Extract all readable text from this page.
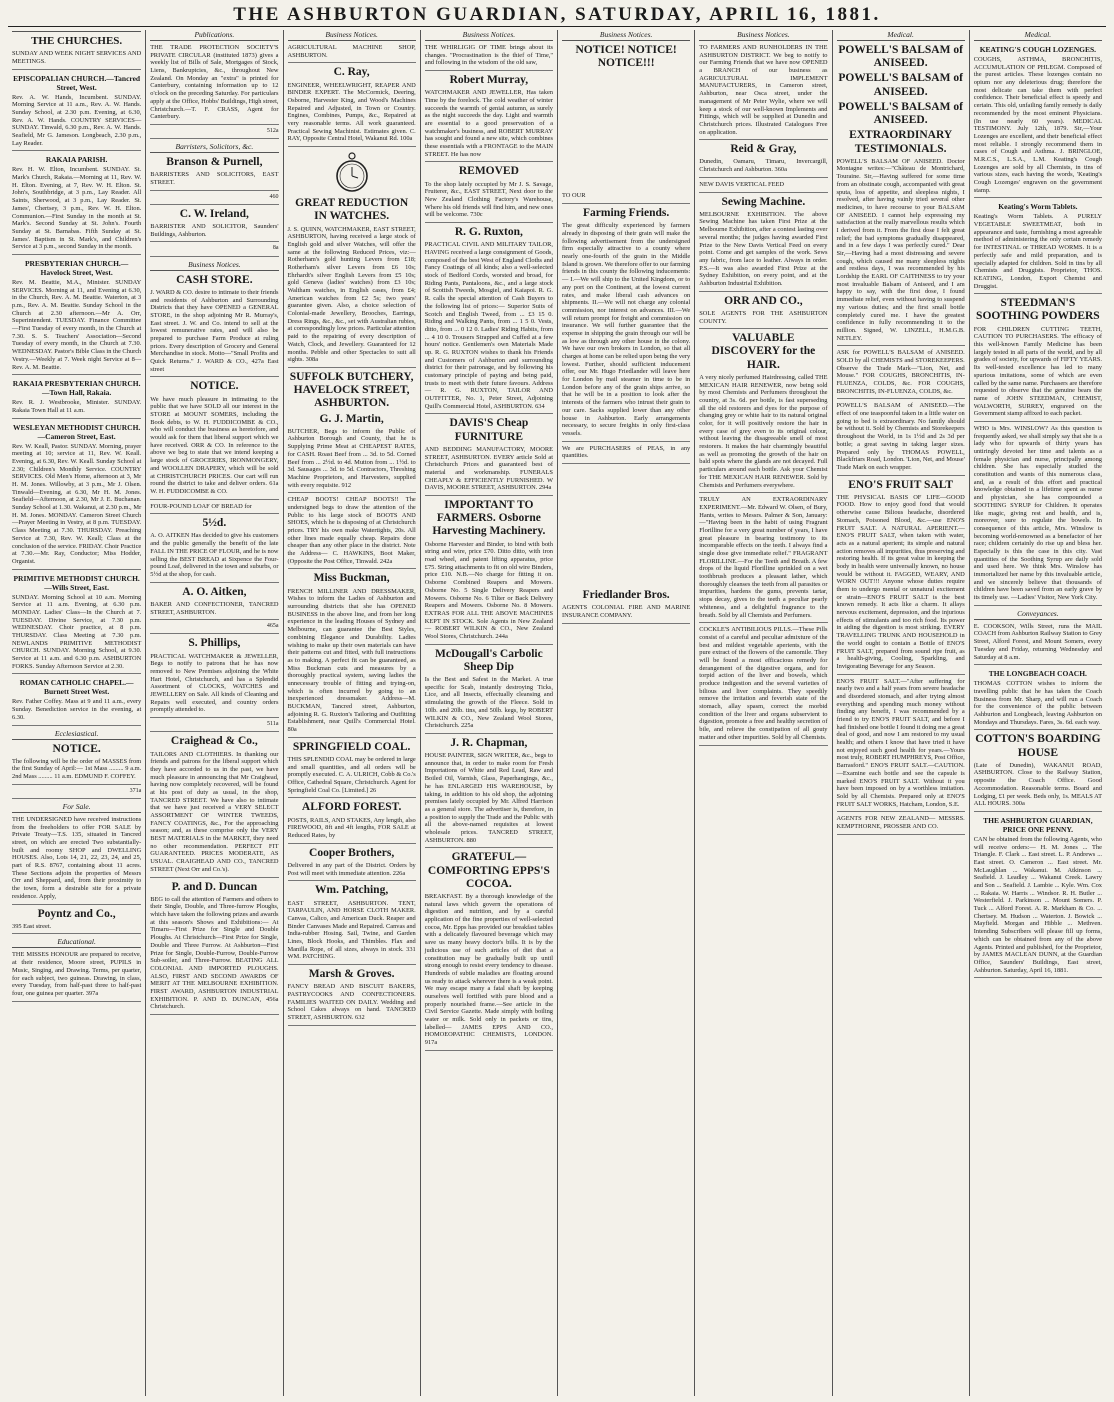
THE ASHBURTON GUARDIAN, SATURDAY, APRIL 16, 1881.
THE CHURCHES.
SUNDAY AND WEEK NIGHT SERVICES AND MEETINGS.
EPISCOPALIAN CHURCH.—Tancred Street, West.
Rev. A. W. Hands, Incumbent. SUNDAY. Morning Service at 11 a.m., Rev. A. W. Hands. Sunday School, at 2.30 p.m. Evening, at 6.30, Rev. A. W. Hands. COUNTRY SERVICES—SUNDAY. Tinwald, 6.30 p.m., Rev. A. W. Hands. Seafield, Mr G. Jameson. Longbeach, 2.30 p.m., Lay Reader.
RAKAIA PARISH.
Rev. H. W. Elton, Incumbent. SUNDAY. St. Mark's Church, Rakaia.—Morning at 11, Rev. W. H. Elton. Evening, at 7, Rev. W. H. Elton. St. John's, Southbridge, at 3 p.m., Lay Reader. All Saints, Sherwood, at 3 p.m., Lay Reader. St. James', Chertsey, 3 p.m., Rev. W. H. Elton. Communion.—First Sunday in the month at St. Mark's. Second Sunday at St. John's. Fourth Sunday at St. Barnabas. Fifth Sunday at St. James'. Baptism in St. Mark's, and Children's Service at 3 p.m., second Sunday in the month.
PRESBYTERIAN CHURCH.—Havelock Street, West.
Rev. M. Beattie, M.A., Minister. SUNDAY SERVICES. Morning at 11, and Evening at 6.30, in the Church, Rev. A. M. Beattie. Waterton, at 3 p.m., Rev. A. M. Beattie. Sunday School in the Church at 2.30 afternoon.—Mr A. Orr, Superintendent. TUESDAY. Finance Committee—First Tuesday of every month, in the Church at 7.30. S. S. Teachers' Association—Second Tuesday of every month, in the Church at 7.30. WEDNESDAY. Pastor's Bible Class in the Church Vestry.—Weekly at 7. Week night Service at 8—Rev. A. M. Beattie.
RAKAIA PRESBYTERIAN CHURCH.—Town Hall, Rakaia.
Rev. R. J. Westbrooke, Minister. SUNDAY. Rakaia Town Hall at 11 a.m.
WESLEYAN METHODIST CHURCH.—Cameron Street, East.
Rev. W. Keall, Pastor. SUNDAY. Morning, prayer meeting at 10; service at 11, Rev. W. Keall. Evening, at 6.30, Rev. W. Keall. Sunday School at 2.30; Children's Monthly Service. COUNTRY SERVICES. Old Men's Home, afternoon at 3, Mr H. M. Jones. Willowby, at 3 p.m., Mr J. Olsen. Tinwald—Evening, at 6.30, Mr H. M. Jones. Seafield—Afternoon, at 2.30, Mr J. E. Buchanan. Sunday School at 1.30. Wakanui, at 2.30 p.m., Mr H. M. Jones. MONDAY. Cameron Street Church—Prayer Meeting in Vestry, at 8 p.m. TUESDAY. Class Meeting at 7.30. THURSDAY. Preaching Service at 7.30, Rev. W. Keall; Class at the conclusion of the service. FRIDAY. Choir Practice at 7.30.—Mr. Ray, Conductor; Miss Hodder, Organist.
PRIMITIVE METHODIST CHURCH.—Wills Street, East.
SUNDAY. Morning School at 10 a.m. Morning Service at 11 a.m. Evening, at 6.30 p.m. MONDAY. Ladies' Class—In the Church at 7. TUESDAY. Divine Service, at 7.30 p.m. WEDNESDAY. Choir practice, at 8 p.m. THURSDAY. Class Meeting at 7.30 p.m. NEWLANDS PRIMITIVE METHODIST CHURCH. SUNDAY. Morning School, at 9.30. Service at 11 a.m. and 6.30 p.m. ASHBURTON FORKS. Sunday Afternoon Service at 2.30.
ROMAN CATHOLIC CHAPEL.—Burnett Street West.
Rev. Father Coffey. Mass at 9 and 11 a.m., every Sunday. Benediction service in the evening, at 6.30.
Ecclesiastical.
NOTICE.
The following will be the order of MASSES from the first Sunday of April:— 1st Mass ......... 9 a.m. 2nd Mass ......... 11 a.m. EDMUND F. COFFEY.
371a
For Sale.
THE UNDERSIGNED have received instructions from the freeholders to offer FOR SALE by Private Treaty—T.S. 135, situated in Tancred street, on which are erected Two substantially-built and roomy SHOP and DWELLING HOUSES. Also, Lots 14, 21, 22, 23, 24, and 25, part of R.S. 8767, containing about 11 acres. These Sections adjoin the properties of Messrs Orr and Sheppard, and, from their proximity to the town, form a desirable site for a private residence. Apply,
Poyntz and Co.,
395 East street.
Educational.
THE MISSES HONOUR are prepared to receive, at their residence, Moore street, PUPILS in Music, Singing, and Drawing. Terms, per quarter, for each subject, two guineas. Drawing, in class, every Tuesday, from half-past three to half-past four, one guinea per quarter. 397a
Publications.
THE TRADE PROTECTION SOCIETY'S PRIVATE CIRCULAR (instituted 1873) gives a weekly list of Bills of Sale, Mortgages of Stock, Liens, Bankruptcies, &c., throughout New Zealand. On Monday an "extra" is printed for Canterbury, containing information up to 12 o'clock on the preceding Saturday. For particulars apply at the Office, Hobbs' Buildings, High street, Christchurch.—T. F. CRASS, Agent for Canterbury.
512a
Barristers, Solicitors, &c.
Branson & Purnell,
BARRISTERS AND SOLICITORS, EAST STREET.
460
C. W. Ireland,
BARRISTER AND SOLICITOR, Saunders' Buildings, Ashburton.
8a
Business Notices.
CASH STORE.
J. WARD & CO. desire to intimate to their friends and residents of Ashburton and Surrounding Districts that they have OPENED a GENERAL STORE, in the shop adjoining Mr R. Murray's, East street. J. W. and Co. intend to sell at the lowest remunerative rates, and will also be prepared to purchase Farm Produce at ruling prices. Every description of Grocery and General Merchandise in stock. Motto—"Small Profits and Quick Returns." J. WARD & CO., 427a East street
NOTICE.
We have much pleasure in intimating to the public that we have SOLD all our interest in the STORE at MOUNT SOMERS, including the Book debts, to W. H. FUDDICOMBE & CO., who will conduct the business as heretofore, and would ask for them that liberal support which we have received. ORR & CO. In reference to the above we beg to state that we intend keeping a large stock of GROCERIES, IRONMONGERY, and WOOLLEN DRAPERY, which will be sold at CHRISTCHURCH PRICES. Our cart will run round the district to take and deliver orders. 61a W. H. FUDDICOMBE & CO.
FOUR-POUND LOAF OF BREAD for
5½d.
A. O. AITKEN Has decided to give his customers and the public generally the benefit of the late FALL IN THE PRICE OF FLOUR, and he is now selling the BEST BREAD at Sixpence the Four-pound Loaf, delivered in the town and suburbs, or 5½d at the shop, for cash.
A. O. Aitken,
BAKER AND CONFECTIONER, TANCRED STREET, ASHBURTON.
465a
S. Phillips,
PRACTICAL WATCHMAKER & JEWELLER, Begs to notify to patrons that he has now removed to New Premises adjoining the White Hart Hotel, Christchurch, and has a Splendid Assortment of CLOCKS, WATCHES and JEWELLERY on Sale. All kinds of Cleaning and Repairs well executed, and country orders promptly attended to.
511a
Craighead & Co.,
TAILORS AND CLOTHIERS. In thanking our friends and patrons for the liberal support which they have accorded to us in the past, we have much pleasure in announcing that Mr Craighead, having now completely recovered, will be found at his post of duty as usual, in the shop, TANCRED STREET. We have also to intimate that we have just received a VERY SELECT ASSORTMENT OF WINTER TWEEDS, FANCY COATINGS, &c., For the approaching season; and, as these comprise only the VERY BEST MATERIALS in the MARKET, they need no other recommendation. PERFECT FIT GUARANTEED. PRICES MODERATE, AS USUAL. CRAIGHEAD AND CO., TANCRED STREET (Next Orr and Co.'s).
P. and D. Duncan
BEG to call the attention of Farmers and others to their Single, Double, and Three-furrow Ploughs, which have taken the following prizes and awards at this season's Shows and Exhibitions:— At Timaru—First Prize for Single and Double Ploughs. At Christchurch—First Prize for Single, Double and Three Furrow. At Ashburton—First Prize for Single, Double-Furrow, Double-Furrow Sub-soiler, and Three-Furrow. BEATING ALL COLONIAL AND IMPORTED PLOUGHS. ALSO, FIRST AND SECOND AWARDS OF MERIT AT THE MELBOURNE EXHIBITION. FIRST AWARD, ASHBURTON INDUSTRIAL EXHIBITION. P. AND D. DUNCAN, 456a Christchurch.
Business Notices.
AGRICULTURAL MACHINE SHOP, ASHBURTON.
C. Ray,
ENGINEER, WHEELWRIGHT, REAPER AND BINDER EXPERT. The McCormick, Deering, Osborne, Harvester King, and Wood's Machines Repaired and Adjusted, in Town or Country. Engines, Combines, Pumps, &c., Repaired at very reasonable terms. All work guaranteed. Practical Sewing Machinist. Estimates given. C. RAY, Opposite Central Hotel, Wakanui Rd. 100a
GREAT REDUCTION IN WATCHES.
J. S. QUINN, WATCHMAKER, EAST STREET, ASHBURTON, having received a large stock of English gold and silver Watches, will offer the same at the following Reduced Prices, viz:—Rotherham's gold hunting Levers from £18; Rotherham's silver Levers from £6 10s; Ehrhardt's silver English Levers from £5 10s; gold Geneva (ladies' watches) from £3 10s; Waltham watches, in English cases, from £4; American watches from £2 5s; two years' guarantee given. Also, a choice selection of Colonial-made Jewellery, Brooches, Earrings, Dress Rings, &c., &c., set with Australian rubies, at correspondingly low prices. Particular attention paid to the repairing of every description of Watch, Clock, and Jewellery. Guaranteed for 12 months. Pebble and other Spectacles to suit all sights. 308a
SUFFOLK BUTCHERY, HAVELOCK STREET, ASHBURTON.
G. J. Martin,
BUTCHER, Begs to inform the Public of Ashburton Borough and County, that he is Supplying Prime Meat at CHEAPEST RATES, for CASH. Roast Beef from ... 3d. to 5d. Corned Beef from ... 2½d. to 4d. Mutton from ... 1½d. to 3d. Sausages ... 3d. to 5d. Contractors, Threshing Machine Proprietors, and Harvesters, supplied with every requisite. 912
CHEAP BOOTS! CHEAP BOOTS!! The undersigned begs to draw the attention of the Public to his large stock of BOOTS AND SHOES, which he is disposing of at Christchurch prices. TRY his own make Watertights, 20s. All other lines made equally cheap. Repairs done cheaper than any other place in the district. Note the Address— C. HAWKINS, Boot Maker, (Opposite the Post Office, Tinwald. 242a
Miss Buckman,
FRENCH MILLINER AND DRESSMAKER, Wishes to inform the Ladies of Ashburton and surrounding districts that she has OPENED BUSINESS in the above line, and from her long experience in the leading Houses of Sydney and Melbourne, can guarantee the Best Styles, combining Elegance and Durability. Ladies wishing to make up their own materials can have their patterns cut and fitted, with full instructions as to making. A perfect fit can be guaranteed, as Miss Buckman cuts and measures by a thoroughly practical system, saving ladies the unnecessary trouble of fitting and trying-on, which is often incurred by going to an inexperienced dressmaker. Address—M. BUCKMAN, Tancred street, Ashburton, adjoining R. G. Ruxton's Tailoring and Outfitting Establishment, near Quill's Commercial Hotel. 80a
SPRINGFIELD COAL.
THIS SPLENDID COAL may be ordered in large and small quantities, and all orders will be promptly executed. C. A. ULRICH, Cobb & Co.'s Office, Cathedral Square, Christchurch. Agent for Springfield Coal Co. [Limited.] 26
ALFORD FOREST.
POSTS, RAILS, AND STAKES, Any length, also FIREWOOD, 8ft and 4ft lengths, FOR SALE at Reduced Rates, by
Cooper Brothers,
Delivered in any part of the District. Orders by Post will meet with immediate attention. 226a
Wm. Patching,
EAST STREET, ASHBURTON. TENT, TARPAULIN, AND HORSE CLOTH MAKER. Canvas, Calico, and American Duck. Reaper and Binder Canvases Made and Repaired. Canvas and India-rubber Hosing. Sail, Twine, and Garden Lines, Block Hooks, and Thimbles. Flax and Manilla Rope, of all sizes, always in stock. 331 WM. PATCHING.
Marsh & Groves.
FANCY BREAD AND BISCUIT BAKERS, PASTRYCOOKS AND CONFECTIONERS. FAMILIES WAITED ON DAILY. Wedding and School Cakes always on hand. TANCRED STREET, ASHBURTON. 632
Business Notices.
THE WHIRLIGIG OF TIME brings about its changes. "Procrastination is the thief of Time," and following in the wisdom of the old saw,
Robert Murray,
WATCHMAKER AND JEWELLER, Has taken Time by the forelock. The cold weather of winter succeeds the warmth of genial autumn, as surely as the night succeeds the day. Light and warmth are essential to a good preservation of a watchmaker's business, and ROBERT MURRAY has sought and found a new site, which combines these essentials with a FRONTAGE to the MAIN STREET. He has now
REMOVED
To the shop lately occupied by Mr J. S. Savage, Fruiterer, &c., EAST STREET, Next door to the New Zealand Clothing Factory's Warehouse, Where his old friends will find him, and new ones will be welcome. 730c
R. G. Ruxton,
PRACTICAL CIVIL AND MILITARY TAILOR, HAVING received a large consignment of Goods, composed of the best West of England Cloths and Fancy Coatings of all kinds; also a well-selected stock of Bedford Cords, worsted and broad, for Riding Pants, Pantaloons, &c., and a large stock of Scottish Tweeds, Mosgiel, and Kaiapoi. R. G. R. calls the special attention of Cash Buyers to the following list of prices:— Superior Suits of Scotch and English Tweed, from ... £3 15 0. Riding and Walking Pants, from ... 1 5 0. Vests, ditto, from ... 0 12 0. Ladies' Riding Habits, from ... 4 10 0. Trousers Strapped and Cuffed at a few hours' notice. Gentlemen's own Materials Made up. R. G. RUXTON wishes to thank his Friends and Customers of Ashburton and surrounding district for their patronage, and by following his customary principle of paying and being paid, trusts to meet with their future favours. Address— R. G. RUXTON, TAILOR AND OUTFITTER, No. 1, Peter Street, Adjoining Quill's Commercial Hotel, ASHBURTON. 634
DAVIS'S Cheap FURNITURE
AND BEDDING MANUFACTORY, MOORE STREET, ASHBURTON. EVERY article Sold at Christchurch Prices and guaranteed best of material and workmanship. FUNERALS CHEAPLY & EFFICIENTLY FURNISHED. W DAVIS, MOORE STREET, ASHBURTON. 294a
IMPORTANT TO FARMERS. Osborne Harvesting Machinery.
Osborne Harvester and Binder, to bind with both string and wire, price £70. Ditto ditto, with iron road wheel, and patent lifting apparatus, price £75. String attachments to fit on old wire Binders, price £10. N.B.—No charge for fitting it on. Osborne Combined Reapers and Mowers. Osborne No. 5 Single Delivery Reapers and Mowers. Osborne No. 6 Tilter or Back Delivery Reapers and Mowers. Osborne No. 8 Mowers. EXTRAS FOR ALL THE ABOVE MACHINES KEPT IN STOCK. Sole Agents in New Zealand— ROBERT WILKIN & CO., New Zealand Wool Stores, Christchurch. 244a
McDougall's Carbolic Sheep Dip
Is the Best and Safest in the Market. A true specific for Scab, instantly destroying Ticks, Lice, and all Insects, effectually cleansing and stimulating the growth of the Fleece. Sold in 10lb. and 20lb. tins, and 50lb. kegs, by ROBERT WILKIN & CO., New Zealand Wool Stores, Christchurch. 225a
J. R. Chapman,
HOUSE PAINTER, SIGN WRITER, &c., begs to announce that, in order to make room for Fresh Importations of White and Red Lead, Raw and Boiled Oil, Varnish, Glass, Paperhangings, &c., he has ENLARGED HIS WAREHOUSE, by taking, in addition to his old shop, the adjoining premises lately occupied by Mr. Alfred Harrison as a general store. The advertiser is, therefore, in a position to supply the Trade and the Public with all the above-named requisites at lowest wholesale prices. TANCRED STREET, ASHBURTON. 880
GRATEFUL—COMFORTING EPPS'S COCOA.
BREAKFAST. By a thorough knowledge of the natural laws which govern the operations of digestion and nutrition, and by a careful application of the fine properties of well-selected cocoa, Mr. Epps has provided our breakfast tables with a delicately flavoured beverage which may save us many heavy doctor's bills. It is by the judicious use of such articles of diet that a constitution may be gradually built up until strong enough to resist every tendency to disease. Hundreds of subtle maladies are floating around us ready to attack wherever there is a weak point. We may escape many a fatal shaft by keeping ourselves well fortified with pure blood and a properly nourished frame.—See article in the Civil Service Gazette. Made simply with boiling water or milk. Sold only in packets or tins, labelled— JAMES EPPS AND CO., HOMOEOPATHIC CHEMISTS, LONDON. 917a
Business Notices.
NOTICE! NOTICE! NOTICE!!!
TO OUR
Farming Friends.
The great difficulty experienced by farmers already in disposing of their grain will make the following advertisement from the undersigned firm especially attractive to a county where nearly one-fourth of the grain in the Middle Island is grown. We therefore offer to our farming friends in this county the following inducements:— I.—We will ship to the United Kingdom, or to any port on the Continent, at the lowest current rates, and make liberal cash advances on shipments. II.—We will not charge any colonial commission, nor interest on advances. III.—We will return prompt for freight and commission on insurance. We will further guarantee that the expense in shipping the grain through our will be as low as through any other house in the colony. We have our own brokers in London, so that all charges at home can be relied upon being the very lowest. Further, should sufficient inducement offer, our Mr. Hugo Friedlander will leave here for London by mail steamer in time to be in London before any of the grain ships arrive, so that he will be in a position to look after the interests of the farmers who intrust their grain to our care. Sacks supplied lower than any other house in Ashburton. Early arrangements necessary, to secure freights in only first-class vessels.
We are PURCHASERS of PEAS, in any quantities.
Friedlander Bros.
AGENTS COLONIAL FIRE AND MARINE INSURANCE COMPANY.
Business Notices.
TO FARMERS AND RUNHOLDERS IN THE ASHBURTON DISTRICT. We beg to notify to our Farming Friends that we have now OPENED a BRANCH of our business as AGRICULTURAL IMPLEMENT MANUFACTURERS, in Cameron street, Ashburton, near Osca street, under the management of Mr Peter Wylie, where we will keep a stock of our well-known Implements and Fittings, which will be supplied at Dunedin and Christchurch prices. Illustrated Catalogues Free on application.
Reid & Gray,
Dunedin, Oamaru, Timaru, Invercargill, Christchurch and Ashburton. 360a
NEW DAVIS VERTICAL FEED
Sewing Machine.
MELBOURNE EXHIBITION. The above Sewing Machine has taken First Prize at the Melbourne Exhibition, after a contest lasting over several months; the judges having awarded First Prize to the New Davis Vertical Feed on every point. Come and get samples of the work. Sews any fabric, from lace to leather. Always in order. P.S.—It was also awarded First Prize at the Sydney Exhibition, on every point, and at the Ashburton Industrial Exhibition.
ORR AND CO.,
SOLE AGENTS FOR THE ASHBURTON COUNTY.
VALUABLE DISCOVERY for the HAIR.
A very nicely perfumed Hairdressing, called THE MEXICAN HAIR RENEWER, now being sold by most Chemists and Perfumers throughout the country, at 3s. 6d. per bottle, is fast superseding all the old restorers and dyes for the purpose of changing grey or white hair to its natural original color, for it will positively restore the hair in every case of grey even to its original colour, without leaving the disagreeable smell of most restorers. It makes the hair charmingly beautiful as well as promoting the growth of the hair on bald spots where the glands are not decayed. Full particulars around each bottle. Ask your Chemist for THE MEXICAN HAIR RENEWER. Sold by Chemists and Perfumers everywhere.
TRULY AN EXTRAORDINARY EXPERIMENT.—Mr. Edward W. Olsen, of Bury, Hants, writes to Messrs. Palmer & Son, January:—"Having been in the habit of using Fragrant Florilline for a very great number of years, I have great pleasure in bearing testimony to its incomparable effects on the teeth. I always find a single dose give immediate relief." FRAGRANT FLORILLINE.—For the Teeth and Breath. A few drops of the liquid Florilline sprinkled on a wet toothbrush produces a pleasant lather, which thoroughly cleanses the teeth from all parasites or impurities, hardens the gums, prevents tartar, stops decay, gives to the teeth a peculiar pearly whiteness, and a delightful fragrance to the breath. Sold by all Chemists and Perfumers.
COCKLE'S ANTIBILIOUS PILLS.—These Pills consist of a careful and peculiar admixture of the best and mildest vegetable aperients, with the pure extract of the flowers of the camomile. They will be found a most efficacious remedy for derangement of the digestive organs, and for torpid action of the liver and bowels, which produce indigestion and the several varieties of bilious and liver complaints. They speedily remove the irritation and feverish state of the stomach, allay spasm, correct the morbid condition of the liver and organs subservient to digestion, promote a free and healthy secretion of bile, and relieve the constipation of all gouty matter and other impurities. Sold by all Chemists.
Medical.
POWELL'S BALSAM of ANISEED.
POWELL'S BALSAM of ANISEED.
POWELL'S BALSAM of ANISEED.
EXTRAORDINARY TESTIMONIALS.
POWELL'S BALSAM OF ANISEED. Doctor Montagne writes:—"Château de Montrichard, Touraine. Sir,—Having suffered for some time from an obstinate cough, accompanied with great sputa, loss of appetite, and sleepless nights, I resolved, after having vainly tried several other medicines, to have recourse to your BALSAM OF ANISEED. I cannot help expressing my satisfaction at the really marvellous results which I derived from it. From the first dose I felt great relief; the bad symptoms gradually disappeared, and in a few days I was perfectly cured." Dear Sir,—Having had a most distressing and severe cough, which caused me many sleepless nights and restless days, I was recommended by his Lordship the EARL OF CAITHNESS to try your most invaluable Balsam of Aniseed, and I am happy to say, with the first dose, I found immediate relief, even without having to suspend my various duties; and the first small bottle completely cured me. I have the greatest confidence in fully recommending it to the million. Signed, W. LINZELL, H.M.G.B. NETLEY.
ASK for POWELL'S BALSAM of ANISEED. SOLD by all CHEMISTS and STOREKEEPERS. Observe the Trade Mark—"Lion, Net, and Mouse." FOR COUGHS, BRONCHITIS, IN-FLUENZA, COLDS, &c. FOR COUGHS, BRONCHITIS, IN-FLUENZA, COLDS, &c.
POWELL'S BALSAM of ANISEED.—The effect of one teaspoonful taken in a little water on going to bed is extraordinary. No family should be without it. Sold by Chemists and Storekeepers throughout the World, in 1s 1½d and 2s 3d per bottle; a great saving in taking larger sizes. Prepared only by THOMAS POWELL, Blackfriars Road, London. 'Lion, Net, and Mouse' Trade Mark on each wrapper.
ENO'S FRUIT SALT
THE PHYSICAL BASIS OF LIFE—GOOD FOOD. How to enjoy good food that would otherwise cause Bilious headache, disordered Stomach, Poisoned Blood, &c.—use ENO'S FRUIT SALT. A NATURAL APERIENT.—ENO'S FRUIT SALT, when taken with water, acts as a natural aperient; its simple and natural action removes all impurities, thus preserving and restoring health. If its great value in keeping the body in health were universally known, no house would be without it. FAGGED, WEARY, AND WORN OUT!!! Anyone whose duties require them to undergo mental or unnatural excitement or strain—ENO'S FRUIT SALT is the best known remedy. It acts like a charm. It allays nervous excitement, depression, and the injurious effects of stimulants and too rich food. Its power in aiding the digestion is most striking. EVERY TRAVELLING TRUNK AND HOUSEHOLD in the world ought to contain a Bottle of ENO'S FRUIT SALT, prepared from sound ripe fruit, as a health-giving, Cooling, Sparkling, and Invigorating Beverage for any Season.
ENO'S FRUIT SALT.—"After suffering for nearly two and a half years from severe headache and disordered stomach, and after trying almost everything and spending much money without finding any benefit, I was recommended by a friend to try ENO'S FRUIT SALT, and before I had finished one bottle I found it doing me a great deal of good, and now I am restored to my usual health; and others I know that have tried it have not enjoyed such good health for years.—Yours most truly, ROBERT HUMPHREYS, Post Office, Barrasford." ENO'S FRUIT SALT.—CAUTION.—Examine each bottle and see the capsule is marked ENO'S FRUIT SALT. Without it you have been imposed on by a worthless imitation. Sold by all Chemists. Prepared only at ENO'S FRUIT SALT WORKS, Hatcham, London, S.E.
AGENTS FOR NEW ZEALAND— MESSRS. KEMPTHORNE, PROSSER AND CO.
Medical.
KEATING'S COUGH LOZENGES.
COUGHS, ASTHMA, BRONCHITIS, ACCUMULATION OF PHLEGM. Composed of the purest articles. These lozenges contain no opium nor any deleterious drug; therefore the most delicate can take them with perfect confidence. Their beneficial effect is speedy and certain. This old, unfailing family remedy is daily recommended by the most eminent Physicians. (In use nearly 60 years). MEDICAL TESTIMONY. July 12th, 1879. Sir,—Your Lozenges are excellent, and their beneficial effect most reliable. I strongly recommend them in cases of Cough and Asthma. J. BRINGLOE, M.R.C.S., L.S.A., L.M. Keating's Cough Lozenges are sold by all Chemists, in tins of various sizes, each having the words, 'Keating's Cough Lozenges' engraven on the government stamp.
Keating's Worm Tablets.
Keating's Worm Tablets. A PURELY VEGETABLE SWEETMEAT, both in appearance and taste, furnishing a most agreeable method of administering the only certain remedy for INTESTINAL or THREAD WORMS. It is a perfectly safe and mild preparation, and is specially adapted for children. Sold in tins by all Chemists and Druggists. Proprietor, THOS. KEATING, London, Export Chemist and Druggist.
STEEDMAN'S SOOTHING POWDERS
FOR CHILDREN CUTTING TEETH, CAUTION TO PURCHASERS. The efficacy of this well-known Family Medicine has been largely tested in all parts of the world, and by all grades of society, for upwards of FIFTY YEARS. Its well-tested excellence has led to many spurious imitations, some of which are even called by the same name. Purchasers are therefore requested to observe that the genuine bears the name of JOHN STEEDMAN, CHEMIST, WALWORTH, SURREY, engraved on the Government stamp affixed to each packet.
WHO is Mrs. WINSLOW? As this question is frequently asked, we shall simply say that she is a lady who for upwards of thirty years has untiringly devoted her time and talents as a female physician and nurse, principally among children. She has especially studied the constitution and wants of this numerous class, and, as a result of this effort and practical knowledge obtained in a lifetime spent as nurse and physician, she has compounded a SOOTHING SYRUP for Children. It operates like magic, giving rest and health, and is, moreover, sure to regulate the bowels. In consequence of this article, Mrs. Winslow is becoming world-renowned as a benefactor of her race; children certainly do rise up and bless her. Especially is this the case in this city. Vast quantities of the Soothing Syrup are daily sold and used here. We think Mrs. Winslow has immortalized her name by this invaluable article, and we sincerely believe that thousands of children have been saved from an early grave by its timely use. —Ladies' Visitor, New York City.
Conveyances.
E. COOKSON, Wills Street, runs the MAIL COACH from Ashburton Railway Station to Grey Street, Alford Forest, and Mount Somers, every Tuesday and Friday, returning Wednesday and Saturday at 8 a.m.
THE LONGBEACH COACH.
THOMAS COTTON wishes to inform the travelling public that he has taken the Coach Business from Mr. Sharp, and will run a Coach for the convenience of the public between Ashburton and Longbeach, leaving Ashburton on Mondays and Thursdays. Fares, 3s. 6d. each way.
COTTON'S BOARDING HOUSE
(Late of Dunedin), WAKANUI ROAD, ASHBURTON. Close to the Railway Station, opposite the Coach Office. Good Accommodation. Reasonable terms. Board and Lodging, £1 per week. Beds only, 1s. MEALS AT ALL HOURS. 300a
THE ASHBURTON GUARDIAN, PRICE ONE PENNY.
CAN be obtained from the following Agents, who will receive orders:— H. M. Jones ... The Triangle. F. Clark ... East street. L. P. Andrews ... East street. O. Cameron ... East street. Mr. McLaughlan ... Wakanui. M. Atkinson ... Seafield. J. Leadley ... Wakanui Creek. Lawry and Son ... Seafield. J. Lambie ... Kyle. Wm. Cox ... Rakaia. W. Harris ... Windsor. R. H. Butler ... Westerfield. J. Parkinson ... Mount Somers. P. Tuck ... Alford Forest. A. R. Markham & Co. ... Chertsey. M. Hudson ... Waterton. J. Bowick ... Mayfield. Morgan and Hibble ... Methven. Intending Subscribers will please fill up forms, which can be obtained from any of the above Agents. Printed and published, for the Proprietor, by JAMES MACLEAN DUNN, at the Guardian Office, Saunders' Buildings, East street, Ashburton. Saturday, April 16, 1881.
